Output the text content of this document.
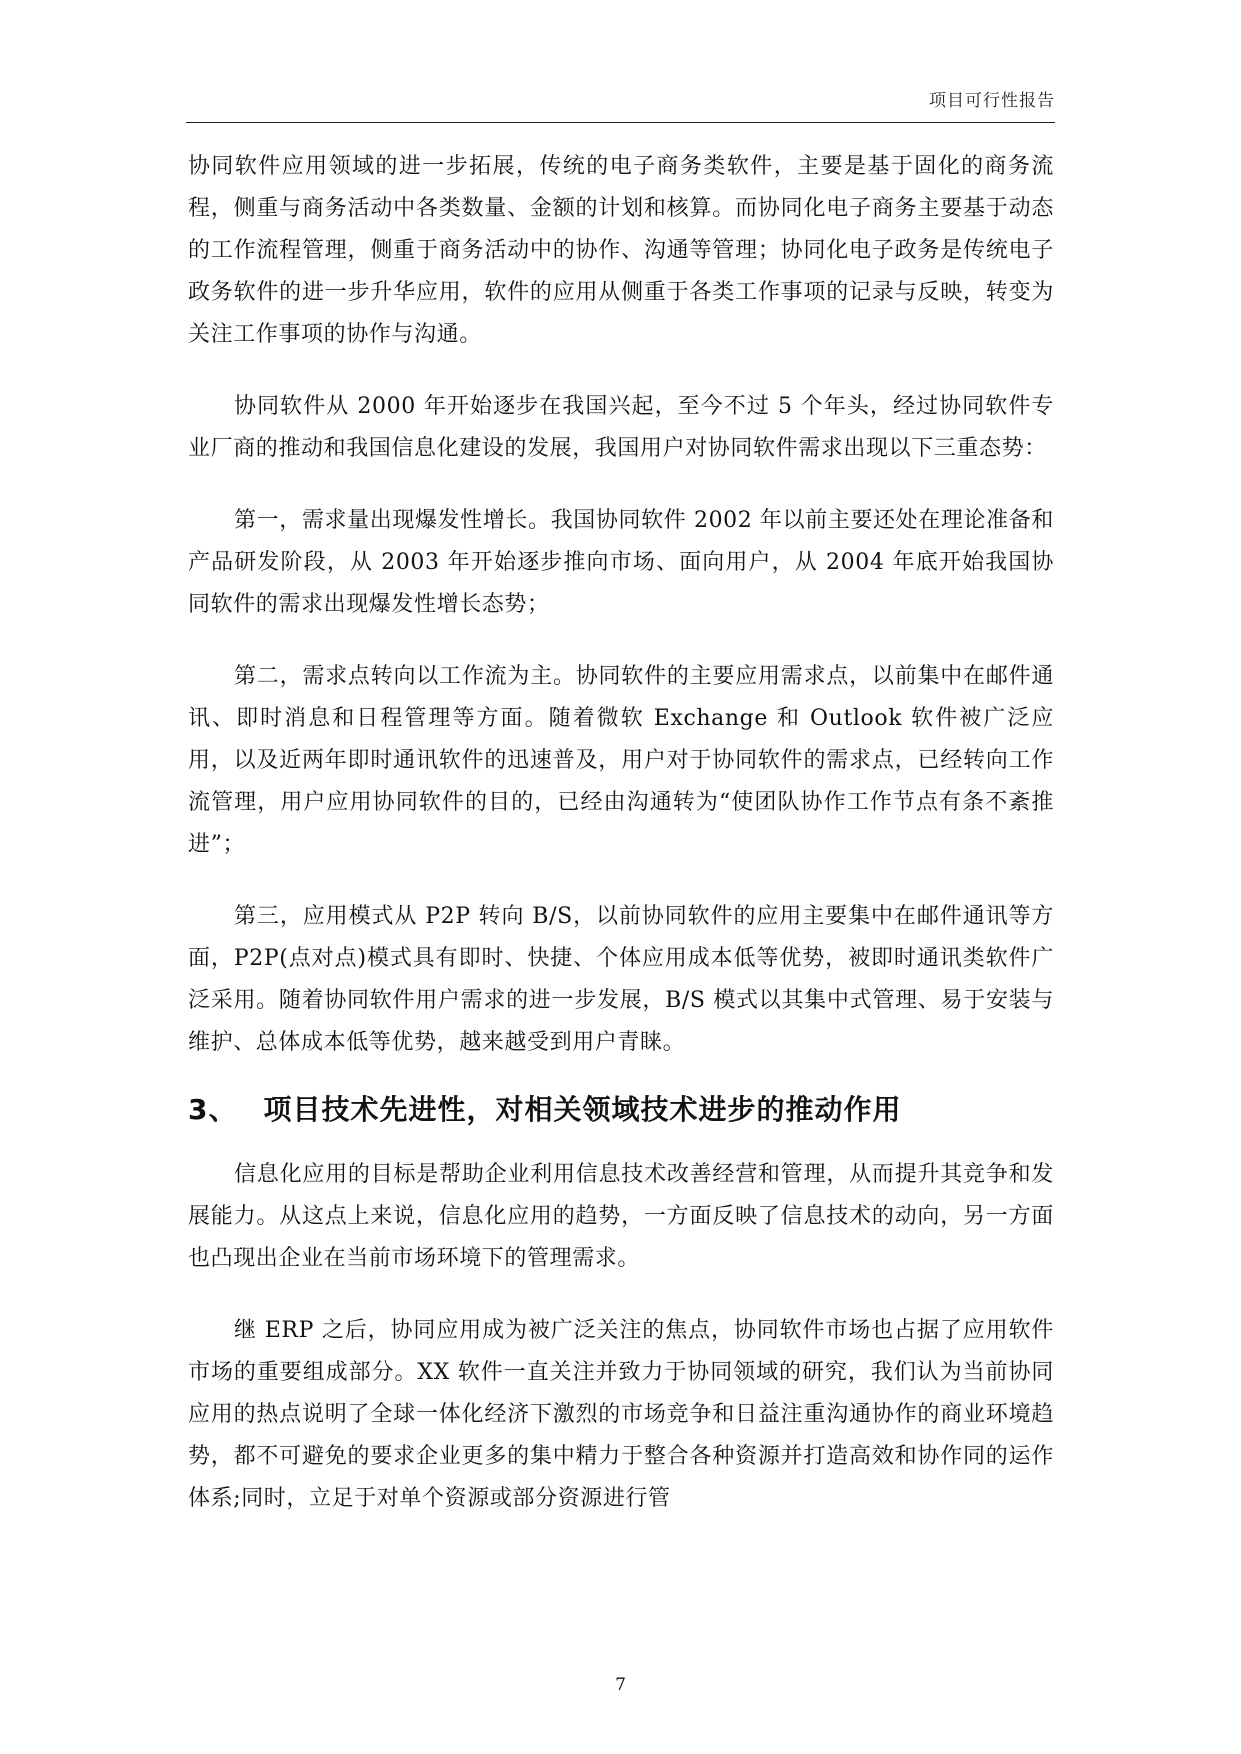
项目可行性报告

协同软件应用领域的进一步拓展，传统的电子商务类软件，主要是基于固化的商务流程，侧重与商务活动中各类数量、金额的计划和核算。而协同化电子商务主要基于动态的工作流程管理，侧重于商务活动中的协作、沟通等管理；协同化电子政务是传统电子政务软件的进一步升华应用，软件的应用从侧重于各类工作事项的记录与反映，转变为关注工作事项的协作与沟通。

协同软件从 2000 年开始逐步在我国兴起，至今不过 5 个年头，经过协同软件专业厂商的推动和我国信息化建设的发展，我国用户对协同软件需求出现以下三重态势：

第一，需求量出现爆发性增长。我国协同软件 2002 年以前主要还处在理论准备和产品研发阶段，从 2003 年开始逐步推向市场、面向用户，从 2004 年底开始我国协同软件的需求出现爆发性增长态势；

第二，需求点转向以工作流为主。协同软件的主要应用需求点，以前集中在邮件通讯、即时消息和日程管理等方面。随着微软 Exchange 和 Outlook 软件被广泛应用，以及近两年即时通讯软件的迅速普及，用户对于协同软件的需求点，已经转向工作流管理，用户应用协同软件的目的，已经由沟通转为“使团队协作工作节点有条不紊推进”；

第三，应用模式从 P2P 转向 B/S，以前协同软件的应用主要集中在邮件通讯等方面，P2P(点对点)模式具有即时、快捷、个体应用成本低等优势，被即时通讯类软件广泛采用。随着协同软件用户需求的进一步发展，B/S 模式以其集中式管理、易于安装与维护、总体成本低等优势，越来越受到用户青睐。

3、 项目技术先进性，对相关领域技术进步的推动作用

信息化应用的目标是帮助企业利用信息技术改善经营和管理，从而提升其竞争和发展能力。从这点上来说，信息化应用的趋势，一方面反映了信息技术的动向，另一方面也凸现出企业在当前市场环境下的管理需求。

继 ERP 之后，协同应用成为被广泛关注的焦点，协同软件市场也占据了应用软件市场的重要组成部分。XX 软件一直关注并致力于协同领域的研究，我们认为当前协同应用的热点说明了全球一体化经济下激烈的市场竞争和日益注重沟通协作的商业环境趋势，都不可避免的要求企业更多的集中精力于整合各种资源并打造高效和协作同的运作体系;同时，立足于对单个资源或部分资源进行管

7
